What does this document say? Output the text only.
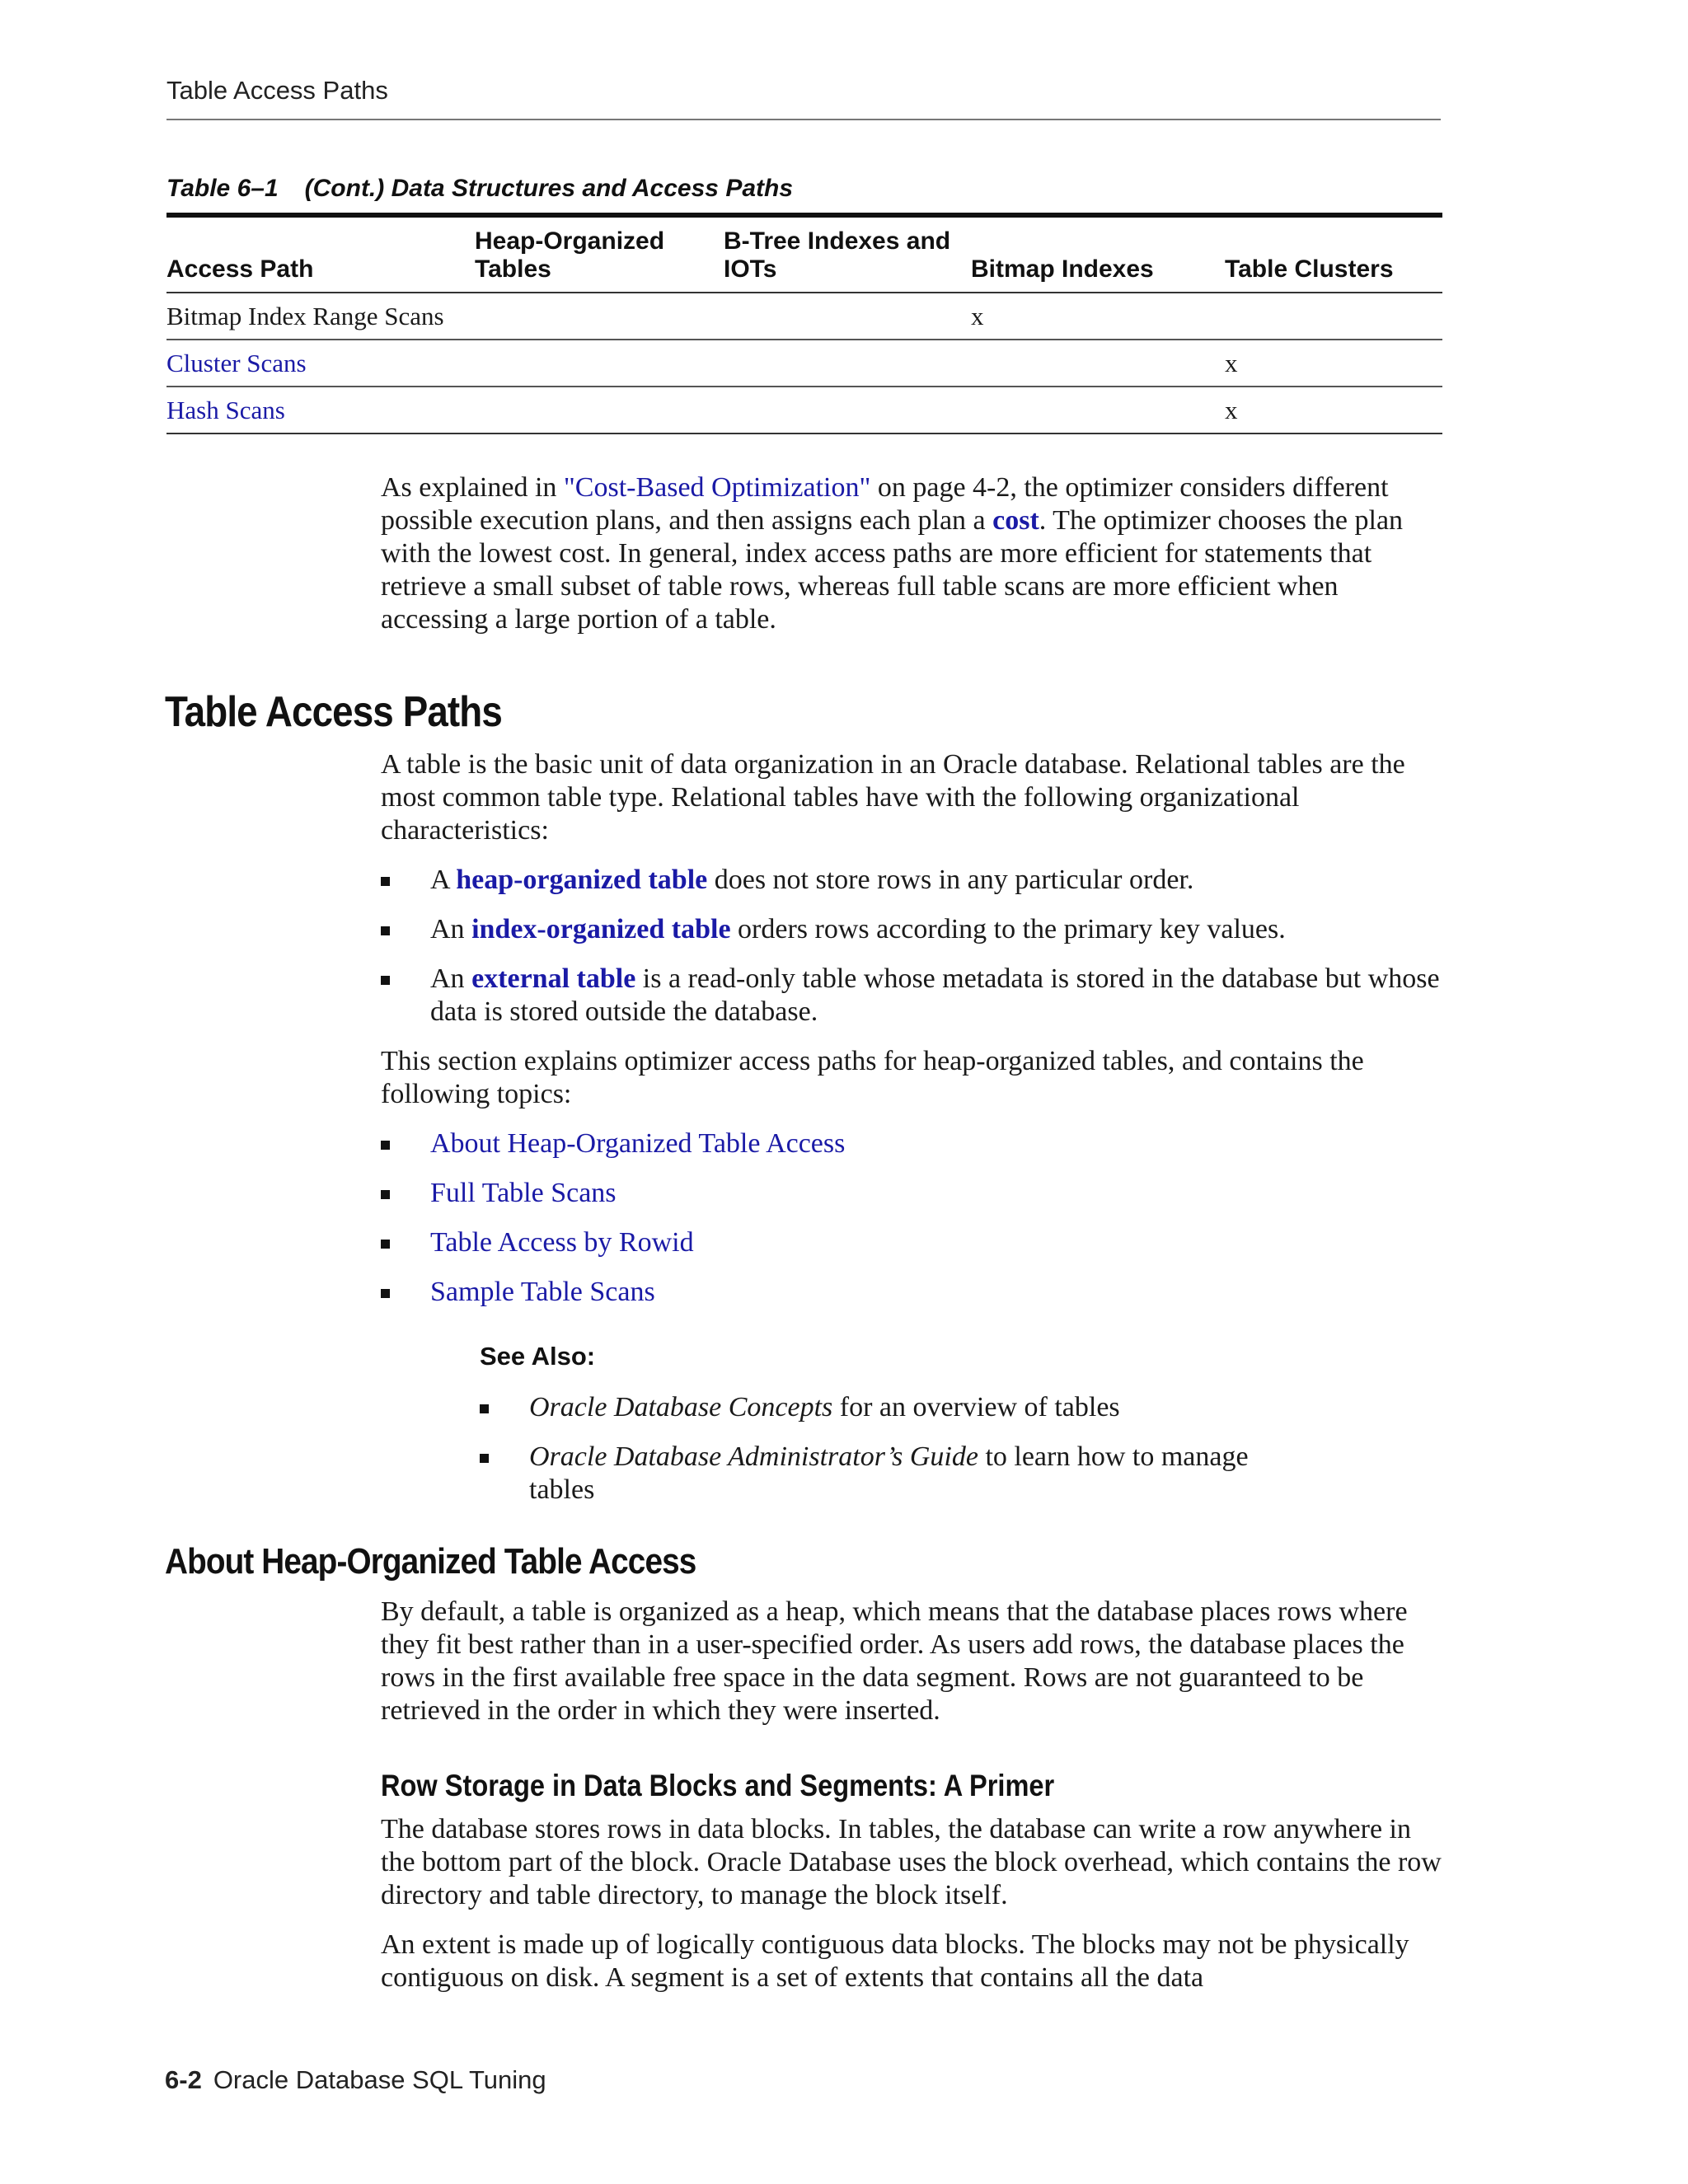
Table Access Paths
Table 6–1 (Cont.) Data Structures and Access Paths
Access Path	Heap-Organized Tables	B-Tree Indexes and IOTs	Bitmap Indexes	Table Clusters
Bitmap Index Range Scans			x	
Cluster Scans				x
Hash Scans				x

As explained in "Cost-Based Optimization" on page 4-2, the optimizer considers different possible execution plans, and then assigns each plan a cost. The optimizer chooses the plan with the lowest cost. In general, index access paths are more efficient for statements that retrieve a small subset of table rows, whereas full table scans are more efficient when accessing a large portion of a table.

Table Access Paths

A table is the basic unit of data organization in an Oracle database. Relational tables are the most common table type. Relational tables have with the following organizational characteristics:

A heap-organized table does not store rows in any particular order.
An index-organized table orders rows according to the primary key values.
An external table is a read-only table whose metadata is stored in the database but whose data is stored outside the database.

This section explains optimizer access paths for heap-organized tables, and contains the following topics:

About Heap-Organized Table Access
Full Table Scans
Table Access by Rowid
Sample Table Scans
See Also:
Oracle Database Concepts for an overview of tables
Oracle Database Administrator’s Guide to learn how to manage tables
About Heap-Organized Table Access

By default, a table is organized as a heap, which means that the database places rows where they fit best rather than in a user-specified order. As users add rows, the database places the rows in the first available free space in the data segment. Rows are not guaranteed to be retrieved in the order in which they were inserted.

Row Storage in Data Blocks and Segments: A Primer

The database stores rows in data blocks. In tables, the database can write a row anywhere in the bottom part of the block. Oracle Database uses the block overhead, which contains the row directory and table directory, to manage the block itself.

An extent is made up of logically contiguous data blocks. The blocks may not be physically contiguous on disk. A segment is a set of extents that contains all the data

6-2 Oracle Database SQL Tuning
